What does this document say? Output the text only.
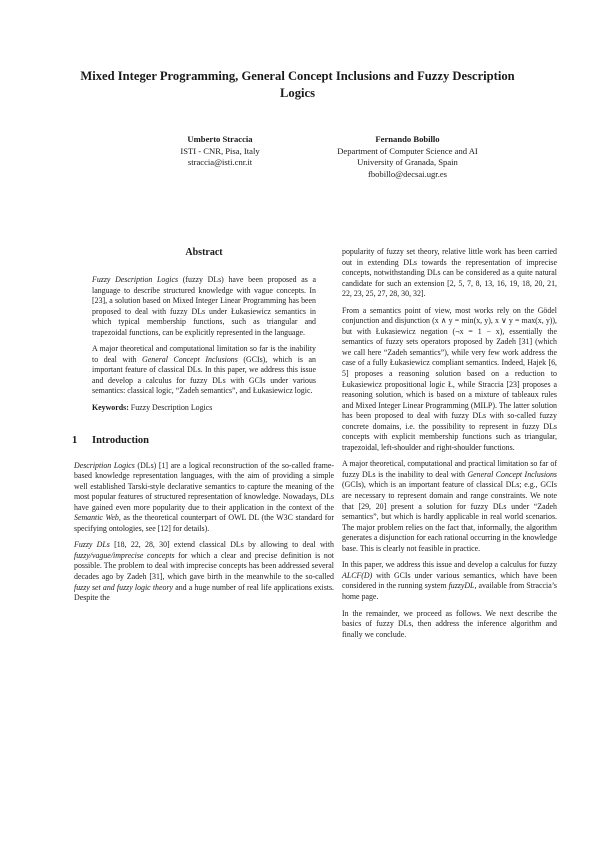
Mixed Integer Programming, General Concept Inclusions and Fuzzy Description Logics
Umberto Straccia
ISTI - CNR, Pisa, Italy
straccia@isti.cnr.it
Fernando Bobillo
Department of Computer Science and AI
University of Granada, Spain
fbobillo@decsai.ugr.es
Abstract

Fuzzy Description Logics (fuzzy DLs) have been proposed as a language to describe structured knowledge with vague concepts. In [23], a solution based on Mixed Integer Linear Programming has been proposed to deal with fuzzy DLs under Łukasiewicz semantics in which typical membership functions, such as triangular and trapezoidal functions, can be explicitly represented in the language.

A major theoretical and computational limitation so far is the inability to deal with General Concept Inclusions (GCIs), which is an important feature of classical DLs. In this paper, we address this issue and develop a calculus for fuzzy DLs with GCIs under various semantics: classical logic, “Zadeh semantics”, and Łukasiewicz logic.

Keywords: Fuzzy Description Logics

1 Introduction

Description Logics (DLs) [1] are a logical reconstruction of the so-called frame-based knowledge representation languages, with the aim of providing a simple well established Tarski-style declarative semantics to capture the meaning of the most popular features of structured representation of knowledge. Nowadays, DLs have gained even more popularity due to their application in the context of the Semantic Web, as the theoretical counterpart of OWL DL (the W3C standard for specifying ontologies, see [12] for details).

Fuzzy DLs [18, 22, 28, 30] extend classical DLs by allowing to deal with fuzzy/vague/imprecise concepts for which a clear and precise definition is not possible. The problem to deal with imprecise concepts has been addressed several decades ago by Zadeh [31], which gave birth in the meanwhile to the so-called fuzzy set and fuzzy logic theory and a huge number of real life applications exists. Despite the

popularity of fuzzy set theory, relative little work has been carried out in extending DLs towards the representation of imprecise concepts, notwithstanding DLs can be considered as a quite natural candidate for such an extension [2, 5, 7, 8, 13, 16, 19, 18, 20, 21, 22, 23, 25, 27, 28, 30, 32].

From a semantics point of view, most works rely on the Gödel conjunction and disjunction (x ∧ y = min(x, y), x ∨ y = max(x, y)), but with Łukasiewicz negation (¬x = 1 − x), essentially the semantics of fuzzy sets operators proposed by Zadeh [31] (which we call here “Zadeh semantics”), while very few work address the case of a fully Łukasiewicz compliant semantics. Indeed, Hajek [6, 5] proposes a reasoning solution based on a reduction to Łukasiewicz propositional logic Ł, while Straccia [23] proposes a reasoning solution, which is based on a mixture of tableaux rules and Mixed Integer Linear Programming (MILP). The latter solution has been proposed to deal with fuzzy DLs with so-called fuzzy concrete domains, i.e. the possibility to represent in fuzzy DLs concepts with explicit membership functions such as triangular, trapezoidal, left-shoulder and right-shoulder functions.

A major theoretical, computational and practical limitation so far of fuzzy DLs is the inability to deal with General Concept Inclusions (GCIs), which is an important feature of classical DLs; e.g., GCIs are necessary to represent domain and range constraints. We note that [29, 20] present a solution for fuzzy DLs under “Zadeh semantics”, but which is hardly applicable in real world scenarios. The major problem relies on the fact that, informally, the algorithm generates a disjunction for each rational occurring in the knowledge base. This is clearly not feasible in practice.

In this paper, we address this issue and develop a calculus for fuzzy ALCF(D) with GCIs under various semantics, which have been considered in the running system fuzzyDL, available from Straccia’s home page.

In the remainder, we proceed as follows. We next describe the basics of fuzzy DLs, then address the inference algorithm and finally we conclude.
